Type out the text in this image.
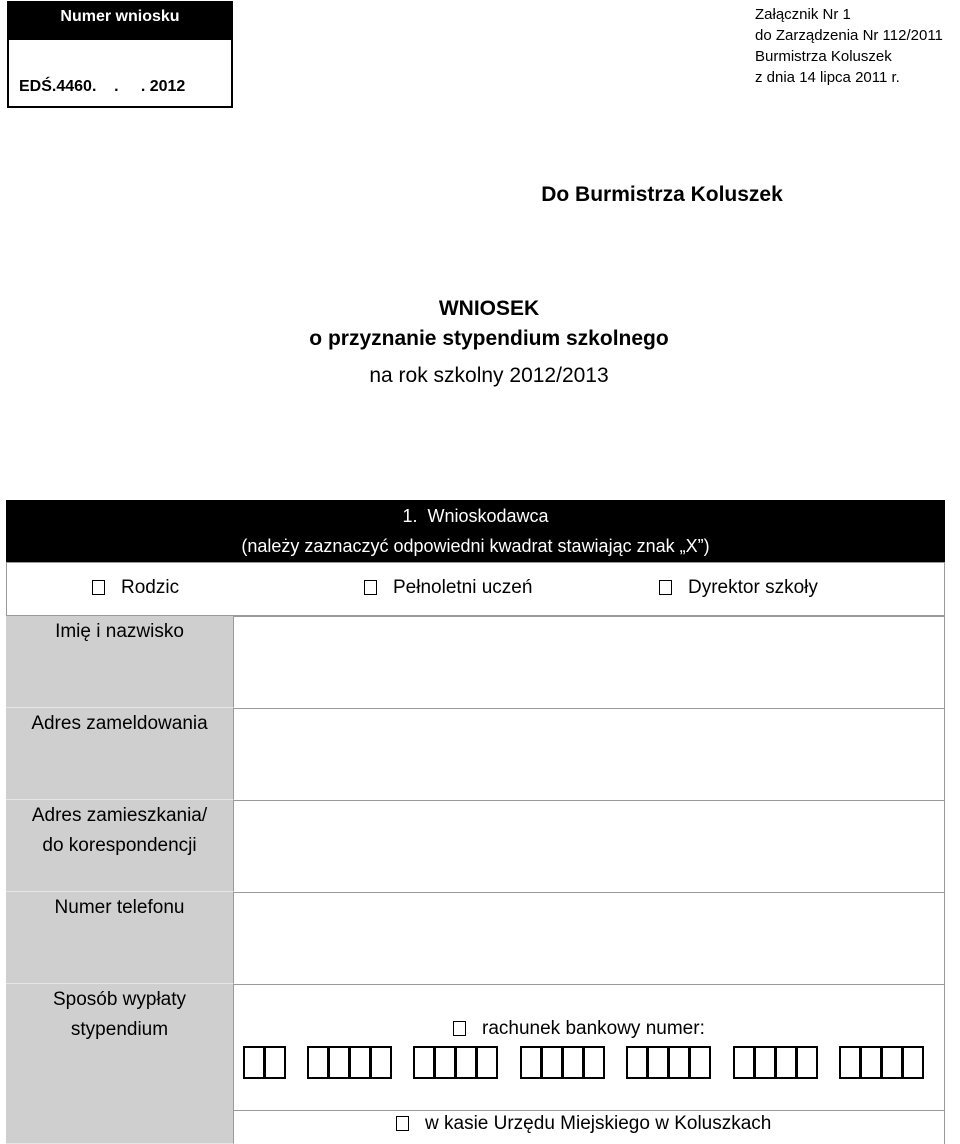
Numer wniosku
EDŚ.4460.    .     . 2012
Załącznik Nr 1
do Zarządzenia Nr 112/2011
Burmistrza Koluszek
z dnia 14 lipca 2011 r.
Do Burmistrza Koluszek
WNIOSEK
o przyznanie stypendium szkolnego
na rok szkolny 2012/2013
1.  Wnioskodawca
(należy zaznaczyć odpowiedni kwadrat stawiając znak „X”)
Rodzic	Pełnoletni uczeń	Dyrektor szkoły
Imię i nazwisko
Adres zameldowania
Adres zamieszkania/
do korespondencji
Numer telefonu
Sposób wypłaty
stypendium	rachunek bankowy numer:
w kasie Urzędu Miejskiego w Koluszkach
